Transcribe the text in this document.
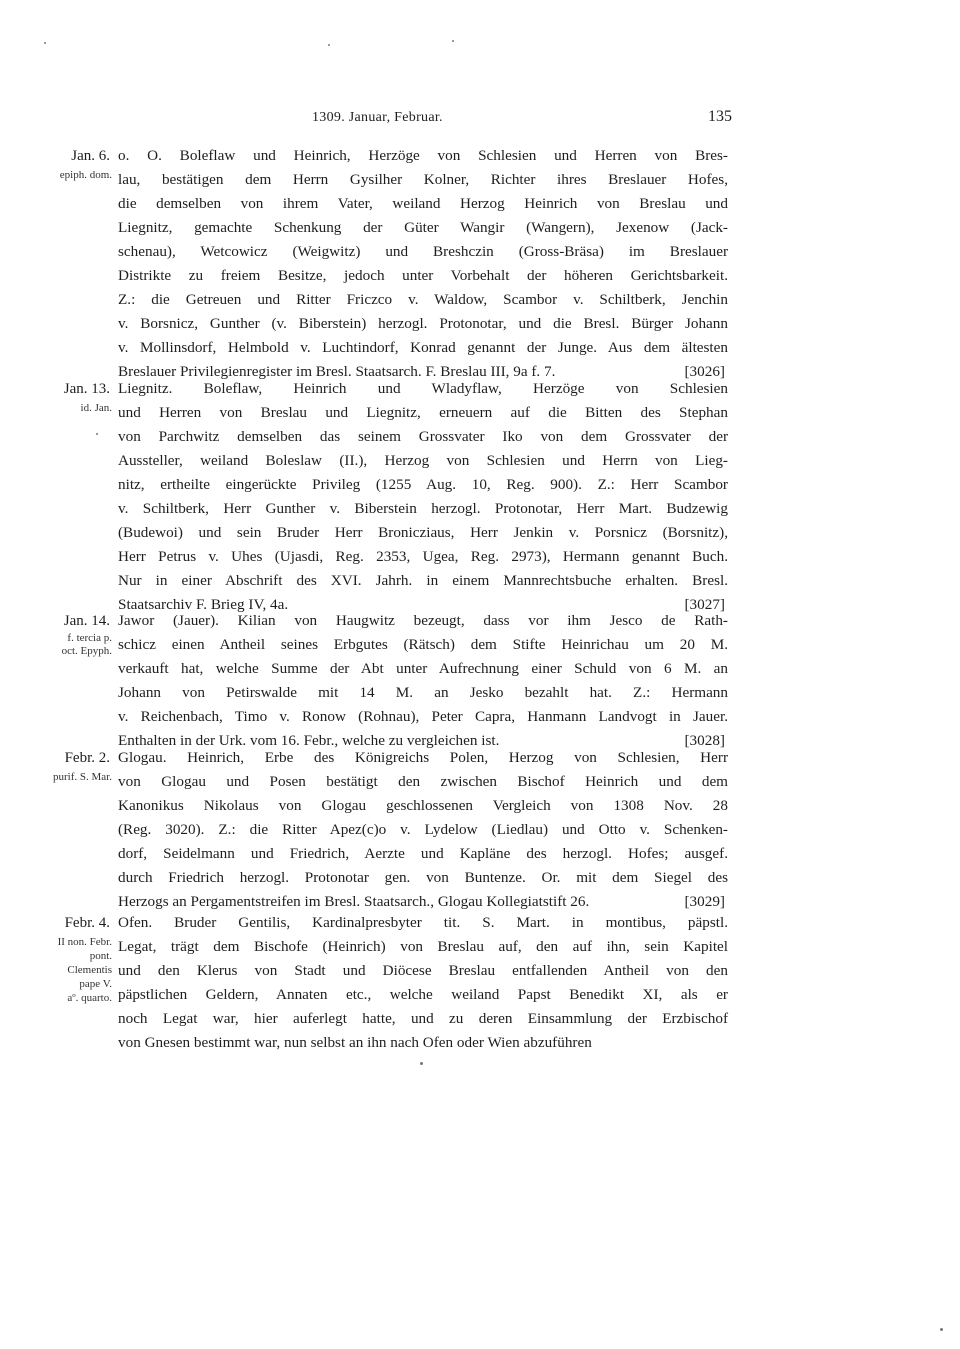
1309. Januar, Februar.	135
Jan. 6.
epiph. dom.
o. O. Boleflaw und Heinrich, Herzöge von Schlesien und Herren von Bres-
lau, bestätigen dem Herrn Gysilher Kolner, Richter ihres Breslauer Hofes,
die demselben von ihrem Vater, weiland Herzog Heinrich von Breslau und
Liegnitz, gemachte Schenkung der Güter Wangir (Wangern), Jexenow (Jack-
schenau), Wetcowicz (Weigwitz) und Breshczin (Gross-Bräsa) im Breslauer
Distrikte zu freiem Besitze, jedoch unter Vorbehalt der höheren Gerichtsbarkeit.
Z.: die Getreuen und Ritter Friczco v. Waldow, Scambor v. Schiltberk, Jenchin
v. Borsnicz, Gunther (v. Biberstein) herzogl. Protonotar, und die Bresl. Bürger Johann
v. Mollinsdorf, Helmbold v. Luchtindorf, Konrad genannt der Junge. Aus dem ältesten
Breslauer Privilegienregister im Bresl. Staatsarch. F. Breslau III, 9a f. 7.	[3026]
Jan. 13.
id. Jan.
Liegnitz. Boleflaw, Heinrich und Wladyflaw, Herzöge von Schlesien
und Herren von Breslau und Liegnitz, erneuern auf die Bitten des Stephan
von Parchwitz demselben das seinem Grossvater Iko von dem Grossvater der
Aussteller, weiland Boleslaw (II.), Herzog von Schlesien und Herrn von Lieg-
nitz, ertheilte eingerückte Privileg (1255 Aug. 10, Reg. 900). Z.: Herr Scambor
v. Schiltberk, Herr Gunther v. Biberstein herzogl. Protonotar, Herr Mart. Budzewig
(Budewoi) und sein Bruder Herr Bronicziaus, Herr Jenkin v. Porsnicz (Borsnitz),
Herr Petrus v. Uhes (Ujasdi, Reg. 2353, Ugea, Reg. 2973), Hermann genannt Buch.
Nur in einer Abschrift des XVI. Jahrh. in einem Mannrechtsbuche erhalten. Bresl.
Staatsarchiv F. Brieg IV, 4a.	[3027]
Jan. 14.
f. tercia p.
oct. Epyph.
Jawor (Jauer). Kilian von Haugwitz bezeugt, dass vor ihm Jesco de Rath-
schicz einen Antheil seines Erbgutes (Rätsch) dem Stifte Heinrichau um 20 M.
verkauft hat, welche Summe der Abt unter Aufrechnung einer Schuld von 6 M. an
Johann von Petirswalde mit 14 M. an Jesko bezahlt hat. Z.: Hermann
v. Reichenbach, Timo v. Ronow (Rohnau), Peter Capra, Hanmann Landvogt in Jauer.
Enthalten in der Urk. vom 16. Febr., welche zu vergleichen ist.	[3028]
Febr. 2.
purif. S. Mar.
Glogau. Heinrich, Erbe des Königreichs Polen, Herzog von Schlesien, Herr
von Glogau und Posen bestätigt den zwischen Bischof Heinrich und dem
Kanonikus Nikolaus von Glogau geschlossenen Vergleich von 1308 Nov. 28
(Reg. 3020). Z.: die Ritter Apez(c)o v. Lydelow (Liedlau) und Otto v. Schenken-
dorf, Seidelmann und Friedrich, Aerzte und Kapläne des herzogl. Hofes; ausgef.
durch Friedrich herzogl. Protonotar gen. von Buntenze. Or. mit dem Siegel des
Herzogs an Pergamentstreifen im Bresl. Staatsarch., Glogau Kollegiatstift 26.	[3029]
Febr. 4.
II non. Febr.
pont.
Clementis
pape V.
aº. quarto.
Ofen. Bruder Gentilis, Kardinalpresbyter tit. S. Mart. in montibus, päpstl.
Legat, trägt dem Bischofe (Heinrich) von Breslau auf, den auf ihn, sein Kapitel
und den Klerus von Stadt und Diöcese Breslau entfallenden Antheil von den
päpstlichen Geldern, Annaten etc., welche weiland Papst Benedikt XI, als er
noch Legat war, hier auferlegt hatte, und zu deren Einsammlung der Erzbischof
von Gnesen bestimmt war, nun selbst an ihn nach Ofen oder Wien abzuführen
